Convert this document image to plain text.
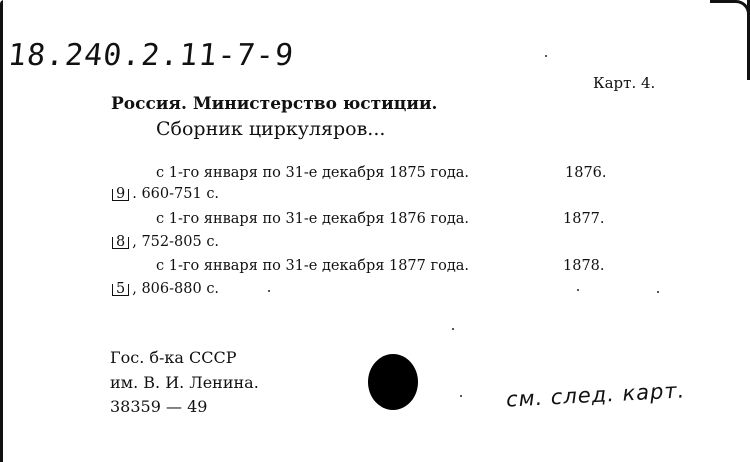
18.240.2.11-7-9
Карт. 4.
Россия. Министерство юстиции.
Сборник циркуляров...
с 1-го января по 31-е декабря 1875 года.	1876.
9 . 660-751 с.
с 1-го января по 31-е декабря 1876 года.	1877.
8 , 752-805 с.
с 1-го января по 31-е декабря 1877 года.	1878.
5 , 806-880 с.
Гос. б-ка СССР
им. В. И. Ленина.
38359 — 49	см. след. карт.
